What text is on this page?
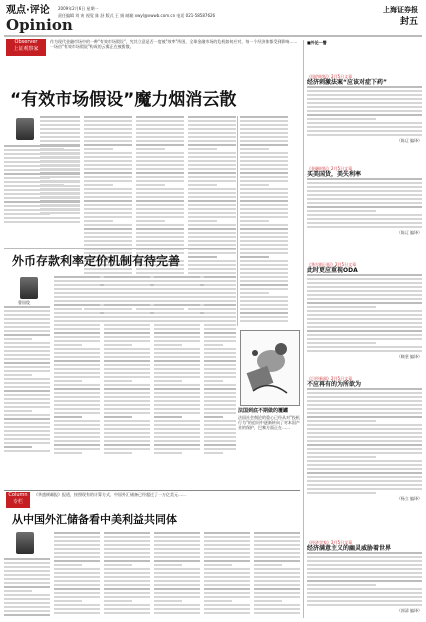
观点·评论
Opinion
2009年2月6日 星期一
责任编辑 刘 寅 视觉 陈 舒 版式 王 娟 邮箱 xwyl@xwwb.com.cn 电话 021-58587626
上海证券报
封五
Observer
上证观察家
作为现代金融市场中的一种"有效市场假设"，究其立意是否一度被"效率"所困，全球金融市场的危机如何应对，每一个经济体都受到影响……一场由"有效市场假说"构成的云雾正在被拨散。
“有效市场假设”魔力烟消云散
法国到底不期做的覆罐
法国社会舆论的重心已经从对"投机行为"的追问中逐渐转向了对本国产业的保护，巴黎方面正在……
外币存款利率定价机制有待完善
曹国俊
Column
专栏
《华盛顿邮报》报道，按照现有的计算方式，中国外汇储备已经超过了一万亿美元……
从中国外汇储备看中美利益共同体
■外论一瞥
《纽约时报》2月5日文章
经济刺激法案“应该对症下药”
（陈辽 编译）
《金融时报》2月5日文章
买美国货，美失利率
（陈辽 编译）
《华尔街日报》2月5日文章
此时更应重视ODA
（赖坚 编译）
《日经新闻》2月5日文章
不应再有的为所欲为
（杨立 编译）
《经济学家》2月5日文章
经济满意主义的幽灵威胁着世界
（郭清 编译）
